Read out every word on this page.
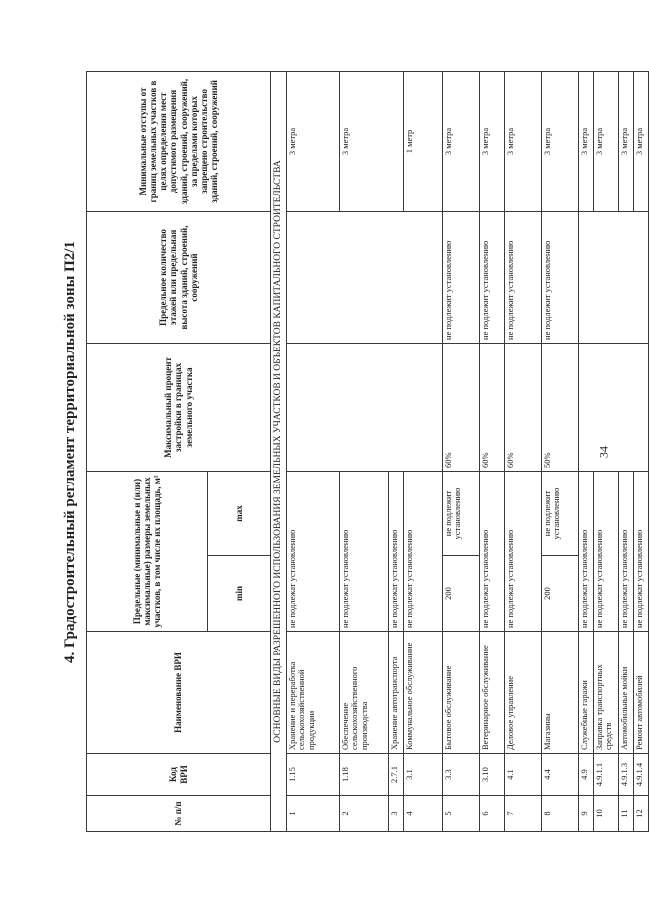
34
4. Градостроительный регламент территориальной зоны П2/1
№ п/п	Код ВРИ	Наименование ВРИ	Предельные (минимальные и (или) максимальные) размеры земельных участков, в том числе их площадь, м²		Максимальный процент застройки в границах земельного участка	Предельное количество этажей или предельная высота зданий, строений, сооружений	Минимальные отступы от границ земельных участков в целях определения мест допустимого размещения зданий, строений, сооружений, за пределами которых запрещено строительство зданий, строений, сооружений
			min	max			
ОСНОВНЫЕ ВИДЫ РАЗРЕШЕННОГО ИСПОЛЬЗОВАНИЯ ЗЕМЕЛЬНЫХ УЧАСТКОВ И ОБЪЕКТОВ КАПИТАЛЬНОГО СТРОИТЕЛЬСТВА							
1	1.15	Хранение и переработка сельскохозяйственной продукции	не подлежат установлению				3 метра
2	1.18	Обеспечение сельскохозяйственного производства	не подлежат установлению				3 метра
3	2.7.1	Хранение автотранспорта	не подлежат установлению				
4	3.1	Коммунальное обслуживание	не подлежат установлению				1 метр
5	3.3	Бытовое обслуживание	200	не подлежит установлению	60%	не подлежит установлению	3 метра
6	3.10	Ветеринарное обслуживание	не подлежат установлению		60%	не подлежит установлению	3 метра
7	4.1	Деловое управление	не подлежат установлению		60%	не подлежит установлению	3 метра
8	4.4	Магазины	200	не подлежит установлению	50%	не подлежит установлению	3 метра
9	4.9	Служебные гаражи	не подлежат установлению				3 метра
10	4.9.1.1	Заправка транспортных средств	не подлежат установлению				3 метра
11	4.9.1.3	Автомобильные мойки	не подлежат установлению				3 метра
12	4.9.1.4	Ремонт автомобилей	не подлежат установлению				3 метра
